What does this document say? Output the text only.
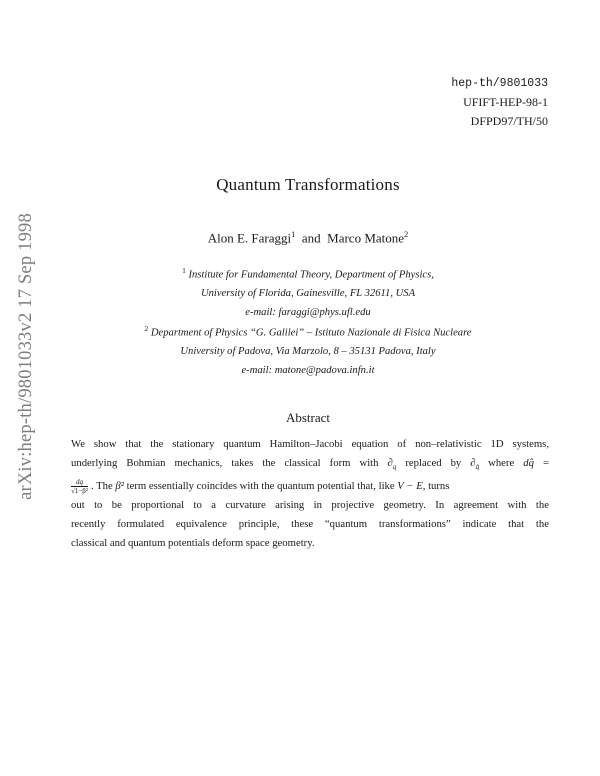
arXiv:hep-th/9801033v2 17 Sep 1998
hep-th/9801033
UFIFT-HEP-98-1
DFPD97/TH/50
Quantum Transformations
Alon E. Faraggi$^1$ and Marco Matone$^2$
$^1$ Institute for Fundamental Theory, Department of Physics,
University of Florida, Gainesville, FL 32611, USA
e-mail: faraggi@phys.ufl.edu
$^2$ Department of Physics “G. Galilei” – Istituto Nazionale di Fisica Nucleare
University of Padova, Via Marzolo, 8 – 35131 Padova, Italy
e-mail: matone@padova.infn.it
Abstract
We show that the stationary quantum Hamilton–Jacobi equation of non–relativistic 1D systems,
underlying Bohmian mechanics, takes the classical form with $\partial_q$ replaced by $\partial_{q̂}$ where dq̂ =
$\frac{dq}{\text{√1−β²}}$ . The β² term essentially coincides with the quantum potential that, like V − E, turns
out to be proportional to a curvature arising in projective geometry. In agreement with the
recently formulated equivalence principle, these “quantum transformations” indicate that the
classical and quantum potentials deform space geometry.
